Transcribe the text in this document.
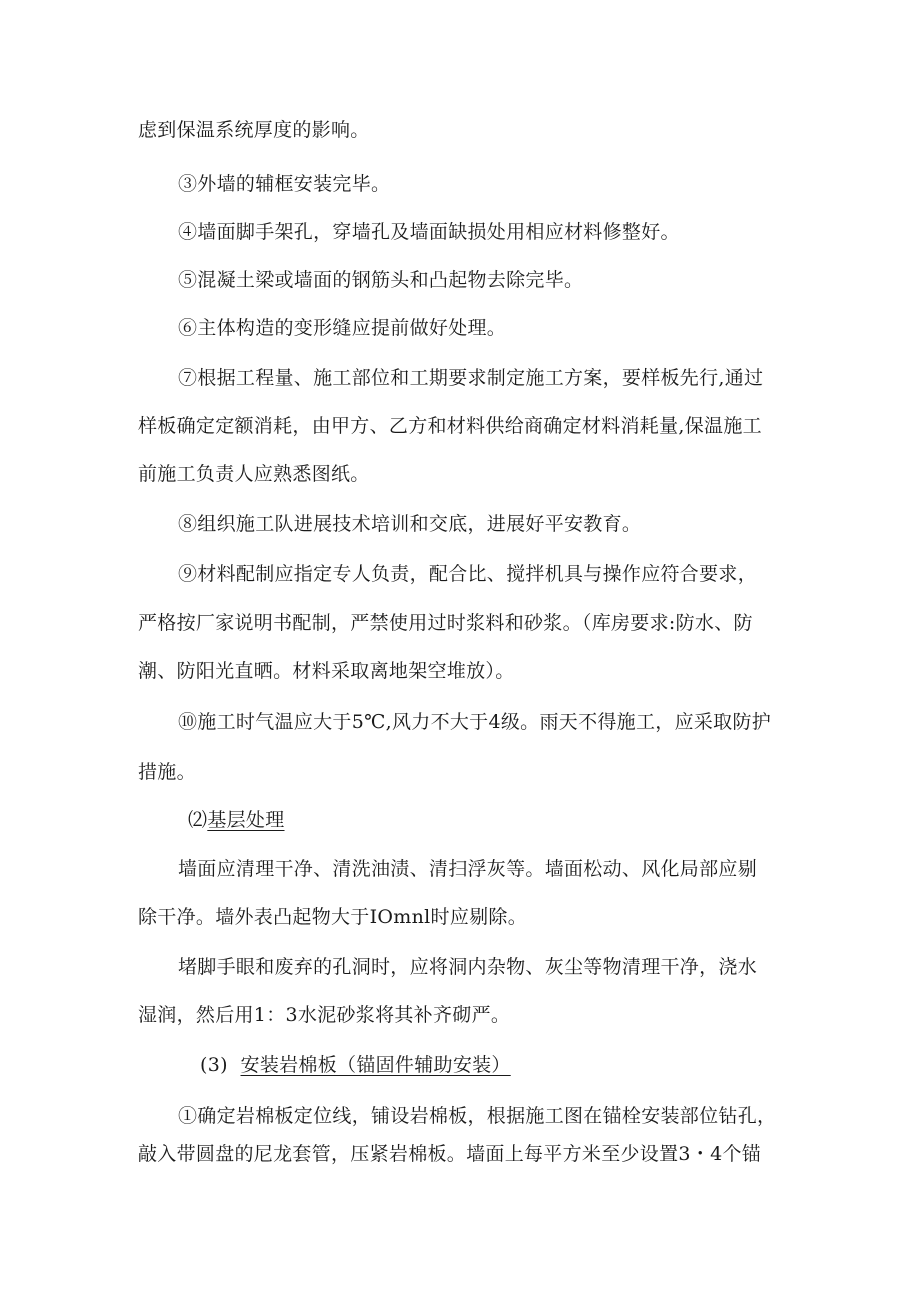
虑到保温系统厚度的影响。
③外墙的辅框安装完毕。
④墙面脚手架孔，穿墙孔及墙面缺损处用相应材料修整好。
⑤混凝土梁或墙面的钢筋头和凸起物去除完毕。
⑥主体构造的变形缝应提前做好处理。
⑦根据工程量、施工部位和工期要求制定施工方案，要样板先行,通过
样板确定定额消耗，由甲方、乙方和材料供给商确定材料消耗量,保温施工
前施工负责人应熟悉图纸。
⑧组织施工队进展技术培训和交底，进展好平安教育。
⑨材料配制应指定专人负责，配合比、搅拌机具与操作应符合要求，
严格按厂家说明书配制，严禁使用过时浆料和砂浆。（库房要求:防水、防
潮、防阳光直晒。材料采取离地架空堆放）。
⑩施工时气温应大于5℃,风力不大于4级。雨天不得施工，应采取防护
措施。
⑵基层处理
墙面应清理干净、清洗油渍、清扫浮灰等。墙面松动、风化局部应剔
除干净。墙外表凸起物大于IOmnl时应剔除。
堵脚手眼和废弃的孔洞时，应将洞内杂物、灰尘等物清理干净，浇水
湿润，然后用1：3水泥砂浆将其补齐砌严。
(3) 安装岩棉板（锚固件辅助安装）
①确定岩棉板定位线，铺设岩棉板，根据施工图在锚栓安装部位钻孔，
敲入带圆盘的尼龙套管，压紧岩棉板。墙面上每平方米至少设置3・4个锚
